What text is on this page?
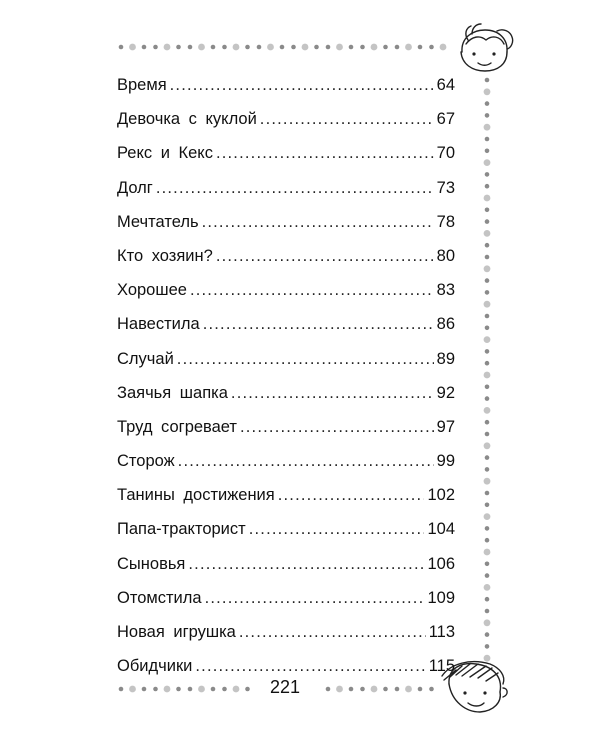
Время .....	64
Девочка с куклой .....	67
Рекс и Кекс .....	70
Долг .....	73
Мечтатель .....	78
Кто хозяин? .....	80
Хорошее .....	83
Навестила .....	86
Случай .....	89
Заячья шапка .....	92
Труд согревает .....	97
Сторож .....	99
Танины достижения .....	102
Папа-тракторист .....	104
Сыновья .....	106
Отомстила .....	109
Новая игрушка .....	113
Обидчики .....	115
221
